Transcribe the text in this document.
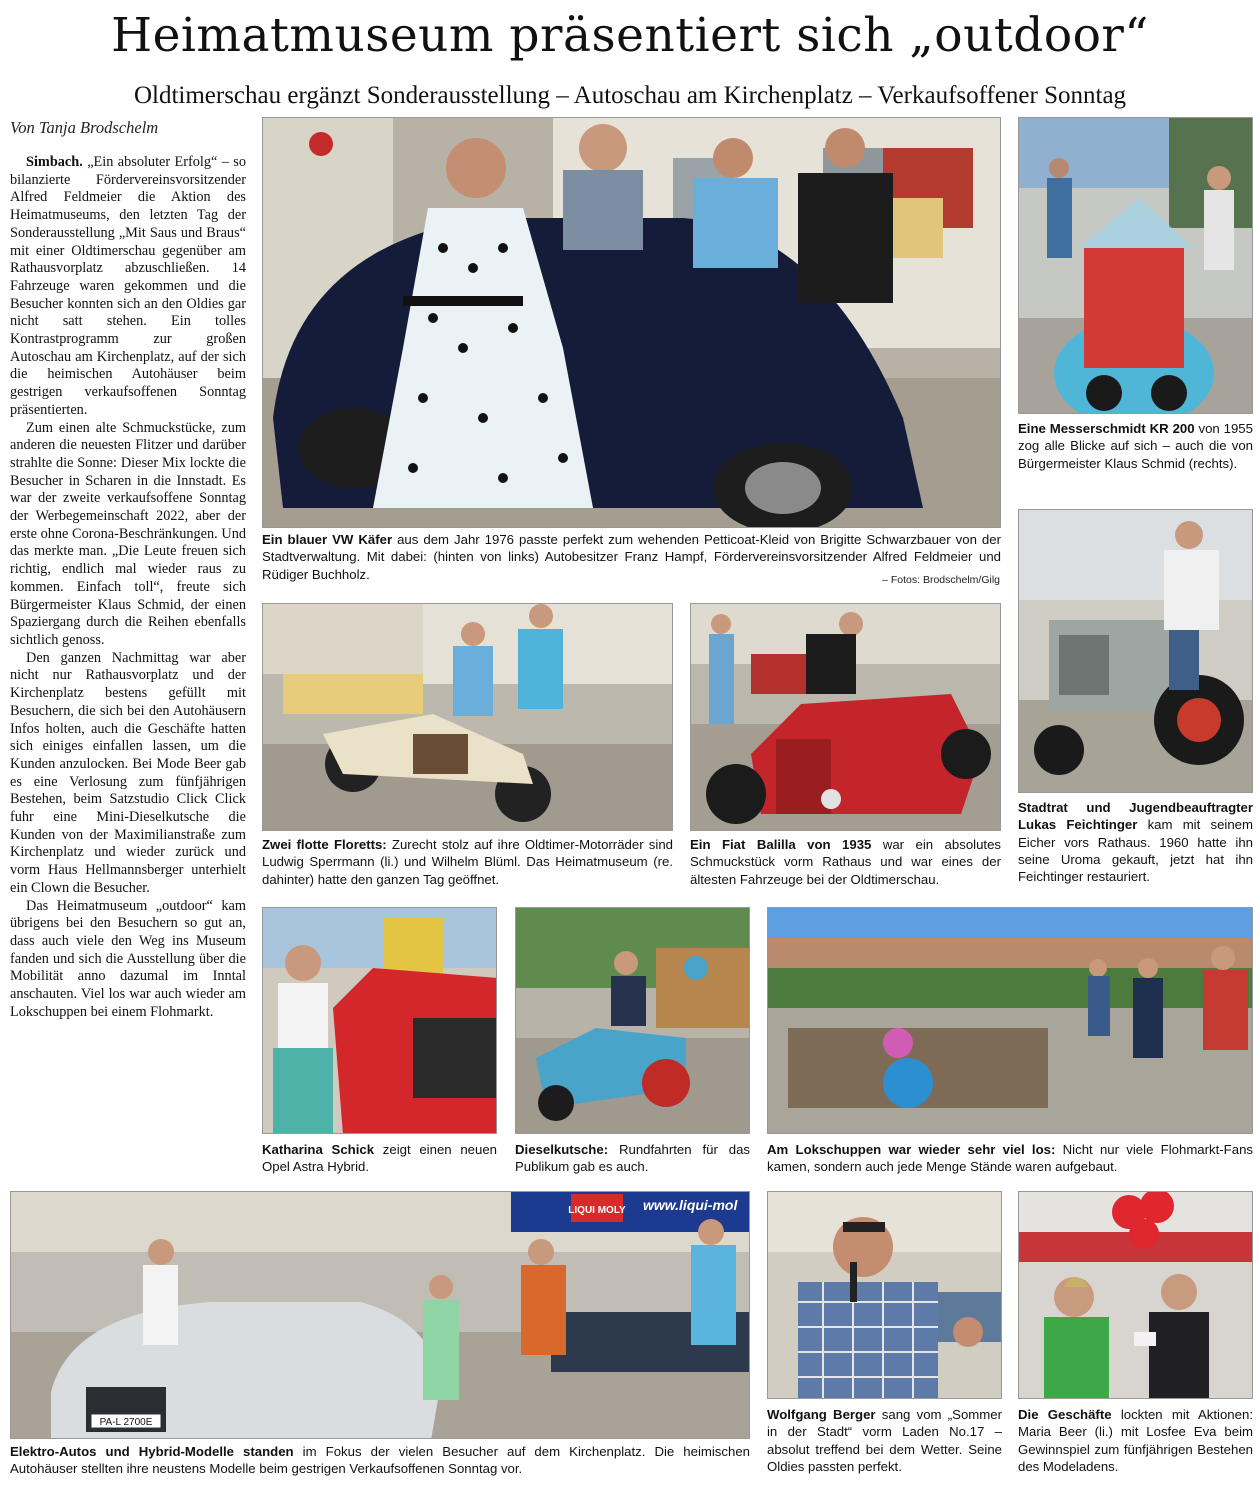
Heimatmuseum präsentiert sich „outdoor“
Oldtimerschau ergänzt Sonderausstellung – Autoschau am Kirchenplatz – Verkaufsoffener Sonntag
Von Tanja Brodschelm

Simbach. „Ein absoluter Erfolg“ – so bilanzierte Fördervereinsvorsitzender Alfred Feldmeier die Aktion des Heimatmuseums, den letzten Tag der Sonderausstellung „Mit Saus und Braus“ mit einer Oldtimerschau gegenüber am Rathausvorplatz abzuschließen. 14 Fahrzeuge waren gekommen und die Besucher konnten sich an den Oldies gar nicht satt stehen. Ein tolles Kontrastprogramm zur großen Autoschau am Kirchenplatz, auf der sich die heimischen Autohäuser beim gestrigen verkaufsoffenen Sonntag präsentierten.

Zum einen alte Schmuckstücke, zum anderen die neuesten Flitzer und darüber strahlte die Sonne: Dieser Mix lockte die Besucher in Scharen in die Innstadt. Es war der zweite verkaufsoffene Sonntag der Werbegemeinschaft 2022, aber der erste ohne Corona-Beschränkungen. Und das merkte man. „Die Leute freuen sich richtig, endlich mal wieder raus zu kommen. Einfach toll“, freute sich Bürgermeister Klaus Schmid, der einen Spaziergang durch die Reihen ebenfalls sichtlich genoss.

Den ganzen Nachmittag war aber nicht nur Rathausvorplatz und der Kirchenplatz bestens gefüllt mit Besuchern, die sich bei den Autohäusern Infos holten, auch die Geschäfte hatten sich einiges einfallen lassen, um die Kunden anzulocken. Bei Mode Beer gab es eine Verlosung zum fünfjährigen Bestehen, beim Satzstudio Click Click fuhr eine Mini-Dieselkutsche die Kunden von der Maximilianstraße zum Kirchenplatz und wieder zurück und vorm Haus Hellmannsberger unterhielt ein Clown die Besucher.

Das Heimatmuseum „outdoor“ kam übrigens bei den Besuchern so gut an, dass auch viele den Weg ins Museum fanden und sich die Ausstellung über die Mobilität anno dazumal im Inntal anschauten. Viel los war auch wieder am Lokschuppen bei einem Flohmarkt.

Ein blauer VW Käfer aus dem Jahr 1976 passte perfekt zum wehenden Petticoat-Kleid von Brigitte Schwarzbauer von der Stadtverwaltung. Mit dabei: (hinten von links) Autobesitzer Franz Hampf, Fördervereinsvorsitzender Alfred Feldmeier und Rüdiger Buchholz.	– Fotos: Brodschelm/Gilg
Eine Messerschmidt KR 200 von 1955 zog alle Blicke auf sich – auch die von Bürgermeister Klaus Schmid (rechts).
Zwei flotte Floretts: Zurecht stolz auf ihre Oldtimer-Motorräder sind Ludwig Sperrmann (li.) und Wilhelm Blüml. Das Heimatmuseum (re. dahinter) hatte den ganzen Tag geöffnet.
Ein Fiat Balilla von 1935 war ein absolutes Schmuckstück vorm Rathaus und war eines der ältesten Fahrzeuge bei der Oldtimerschau.
Stadtrat und Jugendbeauftragter Lukas Feichtinger kam mit seinem Eicher vors Rathaus. 1960 hatte ihn seine Uroma gekauft, jetzt hat ihn Feichtinger restauriert.
Katharina Schick zeigt einen neuen Opel Astra Hybrid.
Dieselkutsche: Rundfahrten für das Publikum gab es auch.
Am Lokschuppen war wieder sehr viel los: Nicht nur viele Flohmarkt-Fans kamen, sondern auch jede Menge Stände waren aufgebaut.
LIQUI MOLY www.liqui-mol
PA-L 2700E
Elektro-Autos und Hybrid-Modelle standen im Fokus der vielen Besucher auf dem Kirchenplatz. Die heimischen Autohäuser stellten ihre neustens Modelle beim gestrigen Verkaufsoffenen Sonntag vor.
Wolfgang Berger sang vom „Sommer in der Stadt“ vorm Laden No.17 – absolut treffend bei dem Wetter. Seine Oldies passten perfekt.
Die Geschäfte lockten mit Aktionen: Maria Beer (li.) mit Losfee Eva beim Gewinnspiel zum fünfjährigen Bestehen des Modeladens.
